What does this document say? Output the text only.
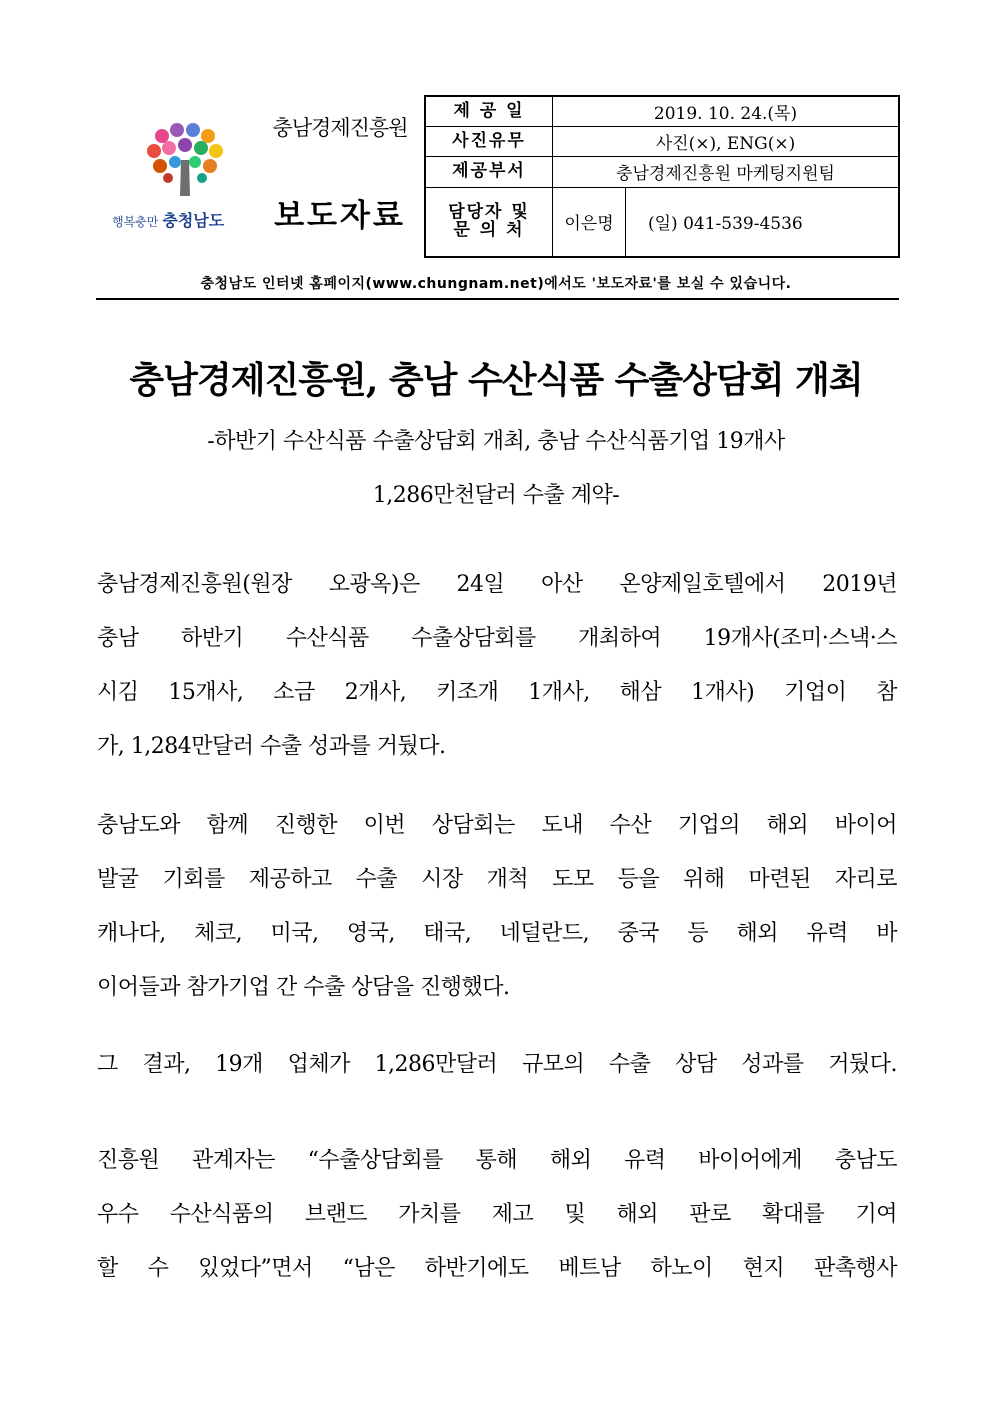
행복충만 충청남도
충남경제진흥원
보도자료
제 공 일	2019. 10. 24.(목)	
사진유무	사진(×), ENG(×)	
제공부서	충남경제진흥원 마케팅지원팀	
담당자 및
문 의 처	이은명	(일) 041-539-4536
충청남도 인터넷 홈페이지(www.chungnam.net)에서도 '보도자료'를 보실 수 있습니다.
충남경제진흥원, 충남 수산식품 수출상담회 개최
-하반기 수산식품 수출상담회 개최, 충남 수산식품기업 19개사
1,286만천달러 수출 계약-
충남경제진흥원(원장 오광옥)은 24일 아산 온양제일호텔에서 2019년
충남 하반기 수산식품 수출상담회를 개최하여 19개사(조미·스낵·스
시김 15개사, 소금 2개사, 키조개 1개사, 해삼 1개사) 기업이 참
가, 1,284만달러 수출 성과를 거뒀다.
충남도와 함께 진행한 이번 상담회는 도내 수산 기업의 해외 바이어
발굴 기회를 제공하고 수출 시장 개척 도모 등을 위해 마련된 자리로
캐나다, 체코, 미국, 영국, 태국, 네덜란드, 중국 등 해외 유력 바
이어들과 참가기업 간 수출 상담을 진행했다.
그 결과, 19개 업체가 1,286만달러 규모의 수출 상담 성과를 거뒀다.
진흥원 관계자는 “수출상담회를 통해 해외 유력 바이어에게 충남도
우수 수산식품의 브랜드 가치를 제고 및 해외 판로 확대를 기여
할 수 있었다”면서 “남은 하반기에도 베트남 하노이 현지 판촉행사
